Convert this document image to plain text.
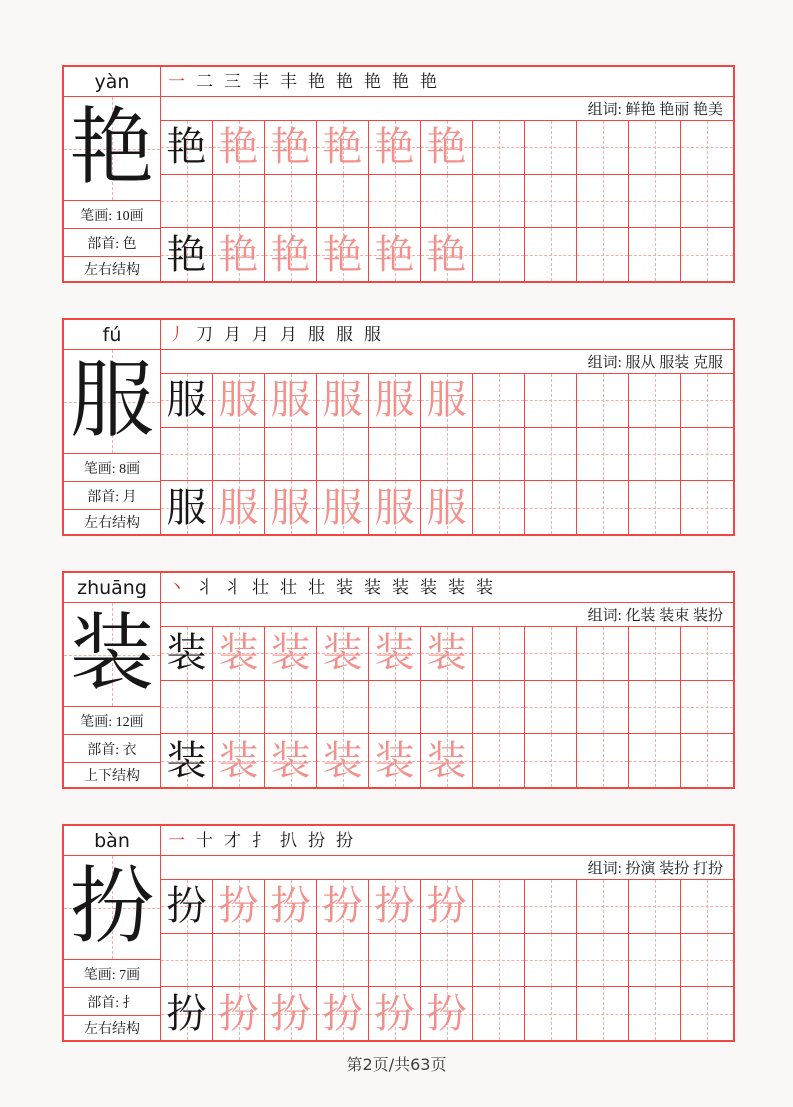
yàn
艳
笔画: 10画
部首: 色
左右结构
一 二 三 丰 丰 艳 艳 艳 艳 艳
组词: 鲜艳 艳丽 艳美
艳 艳 艳 艳 艳 艳
艳 艳 艳 艳 艳 艳
fú
服
笔画: 8画
部首: 月
左右结构
丿 刀 月 月 月 服 服 服
组词: 服从 服装 克服
服 服 服 服 服 服
服 服 服 服 服 服
zhuāng
装
笔画: 12画
部首: 衣
上下结构
丶 丬 丬 壮 壮 壮 装 装 装 装 装 装
组词: 化装 装束 装扮
装 装 装 装 装 装
装 装 装 装 装 装
bàn
扮
笔画: 7画
部首: 扌
左右结构
一 十 才 扌 扒 扮 扮
组词: 扮演 装扮 打扮
扮 扮 扮 扮 扮 扮
扮 扮 扮 扮 扮 扮
第2页/共63页
